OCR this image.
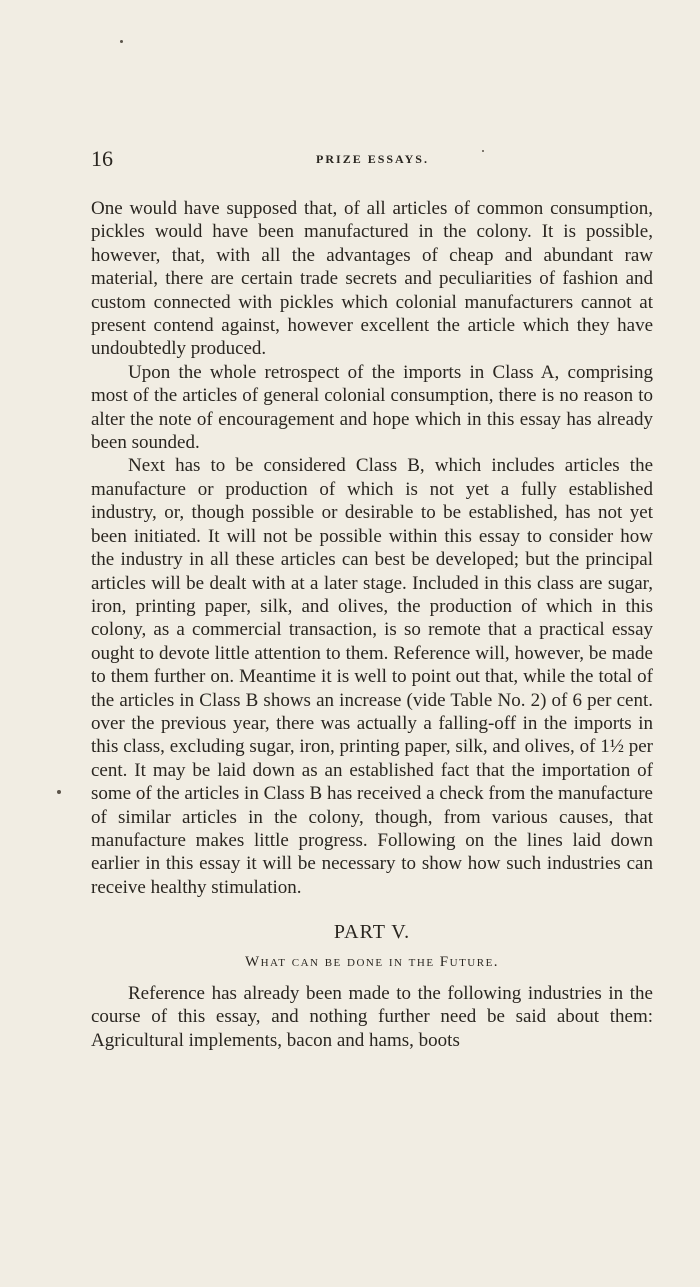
16	PRIZE ESSAYS.

One would have supposed that, of all articles of common consumption, pickles would have been manufactured in the colony. It is possible, however, that, with all the advantages of cheap and abundant raw material, there are certain trade secrets and peculiarities of fashion and custom connected with pickles which colonial manufacturers cannot at present contend against, however excellent the article which they have undoubtedly produced.

Upon the whole retrospect of the imports in Class A, comprising most of the articles of general colonial consumption, there is no reason to alter the note of encouragement and hope which in this essay has already been sounded.

Next has to be considered Class B, which includes articles the manufacture or production of which is not yet a fully established industry, or, though possible or desirable to be established, has not yet been initiated. It will not be possible within this essay to consider how the industry in all these articles can best be developed; but the principal articles will be dealt with at a later stage. Included in this class are sugar, iron, printing paper, silk, and olives, the production of which in this colony, as a commercial transaction, is so remote that a practical essay ought to devote little attention to them. Reference will, however, be made to them further on. Meantime it is well to point out that, while the total of the articles in Class B shows an increase (vide Table No. 2) of 6 per cent. over the previous year, there was actually a falling-off in the imports in this class, excluding sugar, iron, printing paper, silk, and olives, of 1½ per cent. It may be laid down as an established fact that the importation of some of the articles in Class B has received a check from the manufacture of similar articles in the colony, though, from various causes, that manufacture makes little progress. Following on the lines laid down earlier in this essay it will be necessary to show how such industries can receive healthy stimulation.

PART V.
What can be done in the Future.

Reference has already been made to the following industries in the course of this essay, and nothing further need be said about them: Agricultural implements, bacon and hams, boots
